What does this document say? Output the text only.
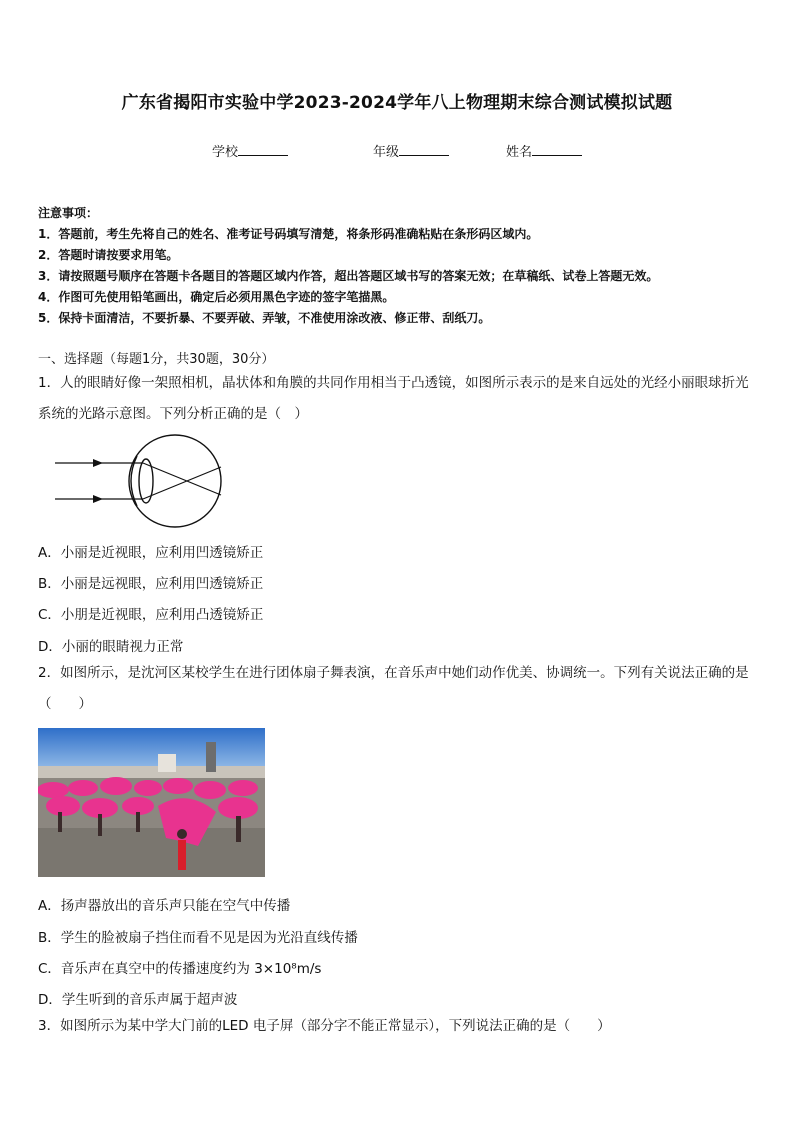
广东省揭阳市实验中学2023-2024学年八上物理期末综合测试模拟试题
学校	年级	姓名
注意事项：
1．答题前，考生先将自己的姓名、准考证号码填写清楚，将条形码准确粘贴在条形码区域内。
2．答题时请按要求用笔。
3．请按照题号顺序在答题卡各题目的答题区域内作答，超出答题区域书写的答案无效；在草稿纸、试卷上答题无效。
4．作图可先使用铅笔画出，确定后必须用黑色字迹的签字笔描黑。
5．保持卡面清洁，不要折暴、不要弄破、弄皱，不准使用涂改液、修正带、刮纸刀。
一、选择题（每题1分，共30题，30分）
1．人的眼睛好像一架照相机，晶状体和角膜的共同作用相当于凸透镜，如图所示表示的是来自远处的光经小丽眼球折光系统的光路示意图。下列分析正确的是（　）
A．小丽是近视眼，应利用凹透镜矫正
B．小丽是远视眼，应利用凹透镜矫正
C．小朋是近视眼，应利用凸透镜矫正
D．小丽的眼睛视力正常
2．如图所示，是沈河区某校学生在进行团体扇子舞表演，在音乐声中她们动作优美、协调统一。下列有关说法正确的是（　　）
A．扬声器放出的音乐声只能在空气中传播
B．学生的脸被扇子挡住而看不见是因为光沿直线传播
C．音乐声在真空中的传播速度约为 3×10⁸m/s
D．学生听到的音乐声属于超声波
3．如图所示为某中学大门前的LED 电子屏（部分字不能正常显示），下列说法正确的是（　　）
